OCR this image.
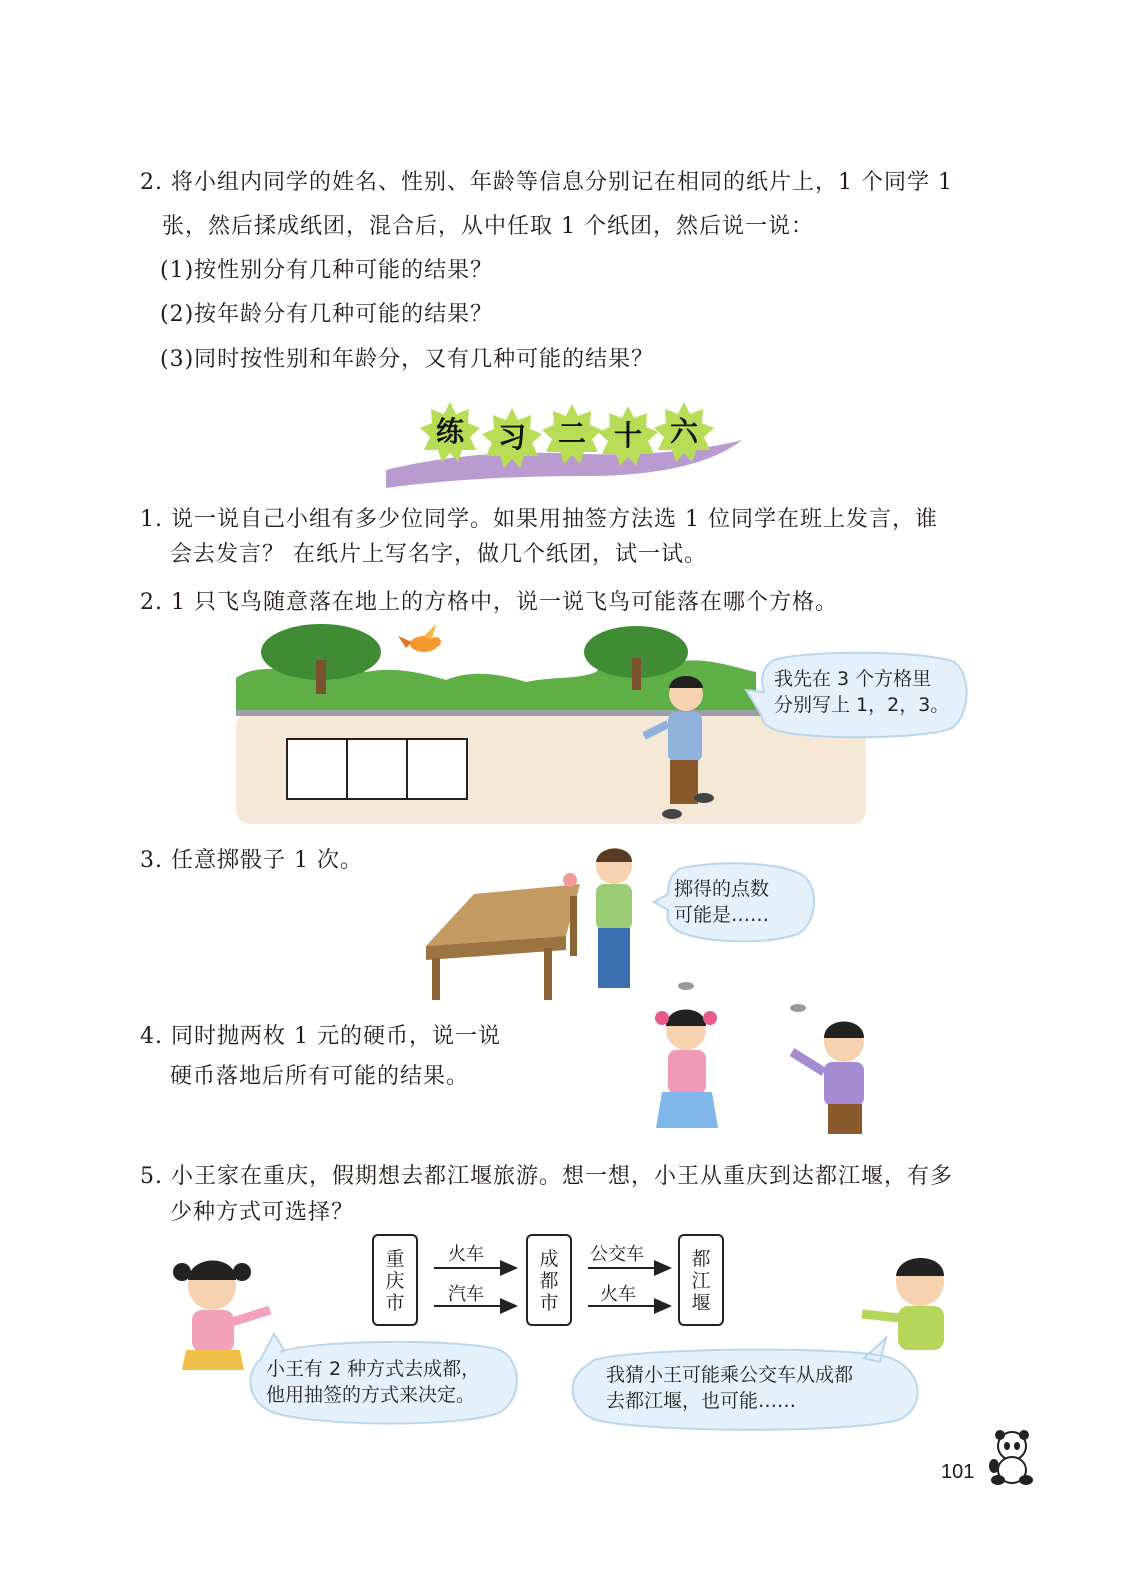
2. 将小组内同学的姓名、性别、年龄等信息分别记在相同的纸片上，1 个同学 1
张，然后揉成纸团，混合后，从中任取 1 个纸团，然后说一说：
(1)按性别分有几种可能的结果？
(2)按年龄分有几种可能的结果？
(3)同时按性别和年龄分，又有几种可能的结果？
练	习	二 十 六
1. 说一说自己小组有多少位同学。如果用抽签方法选 1 位同学在班上发言，谁
会去发言？ 在纸片上写名字，做几个纸团，试一试。
2. 1 只飞鸟随意落在地上的方格中，说一说飞鸟可能落在哪个方格。
我先在 3 个方格里
分别写上 1，2，3。
3. 任意掷骰子 1 次。
掷得的点数
可能是……
4. 同时抛两枚 1 元的硬币，说一说
硬币落地后所有可能的结果。
5. 小王家在重庆，假期想去都江堰旅游。想一想，小王从重庆到达都江堰，有多
少种方式可选择？
重
庆
市
成
都
市
都
江
堰
火车
汽车
公交车
火车
小王有 2 种方式去成都，
他用抽签的方式来决定。
我猜小王可能乘公交车从成都
去都江堰，也可能……
101
